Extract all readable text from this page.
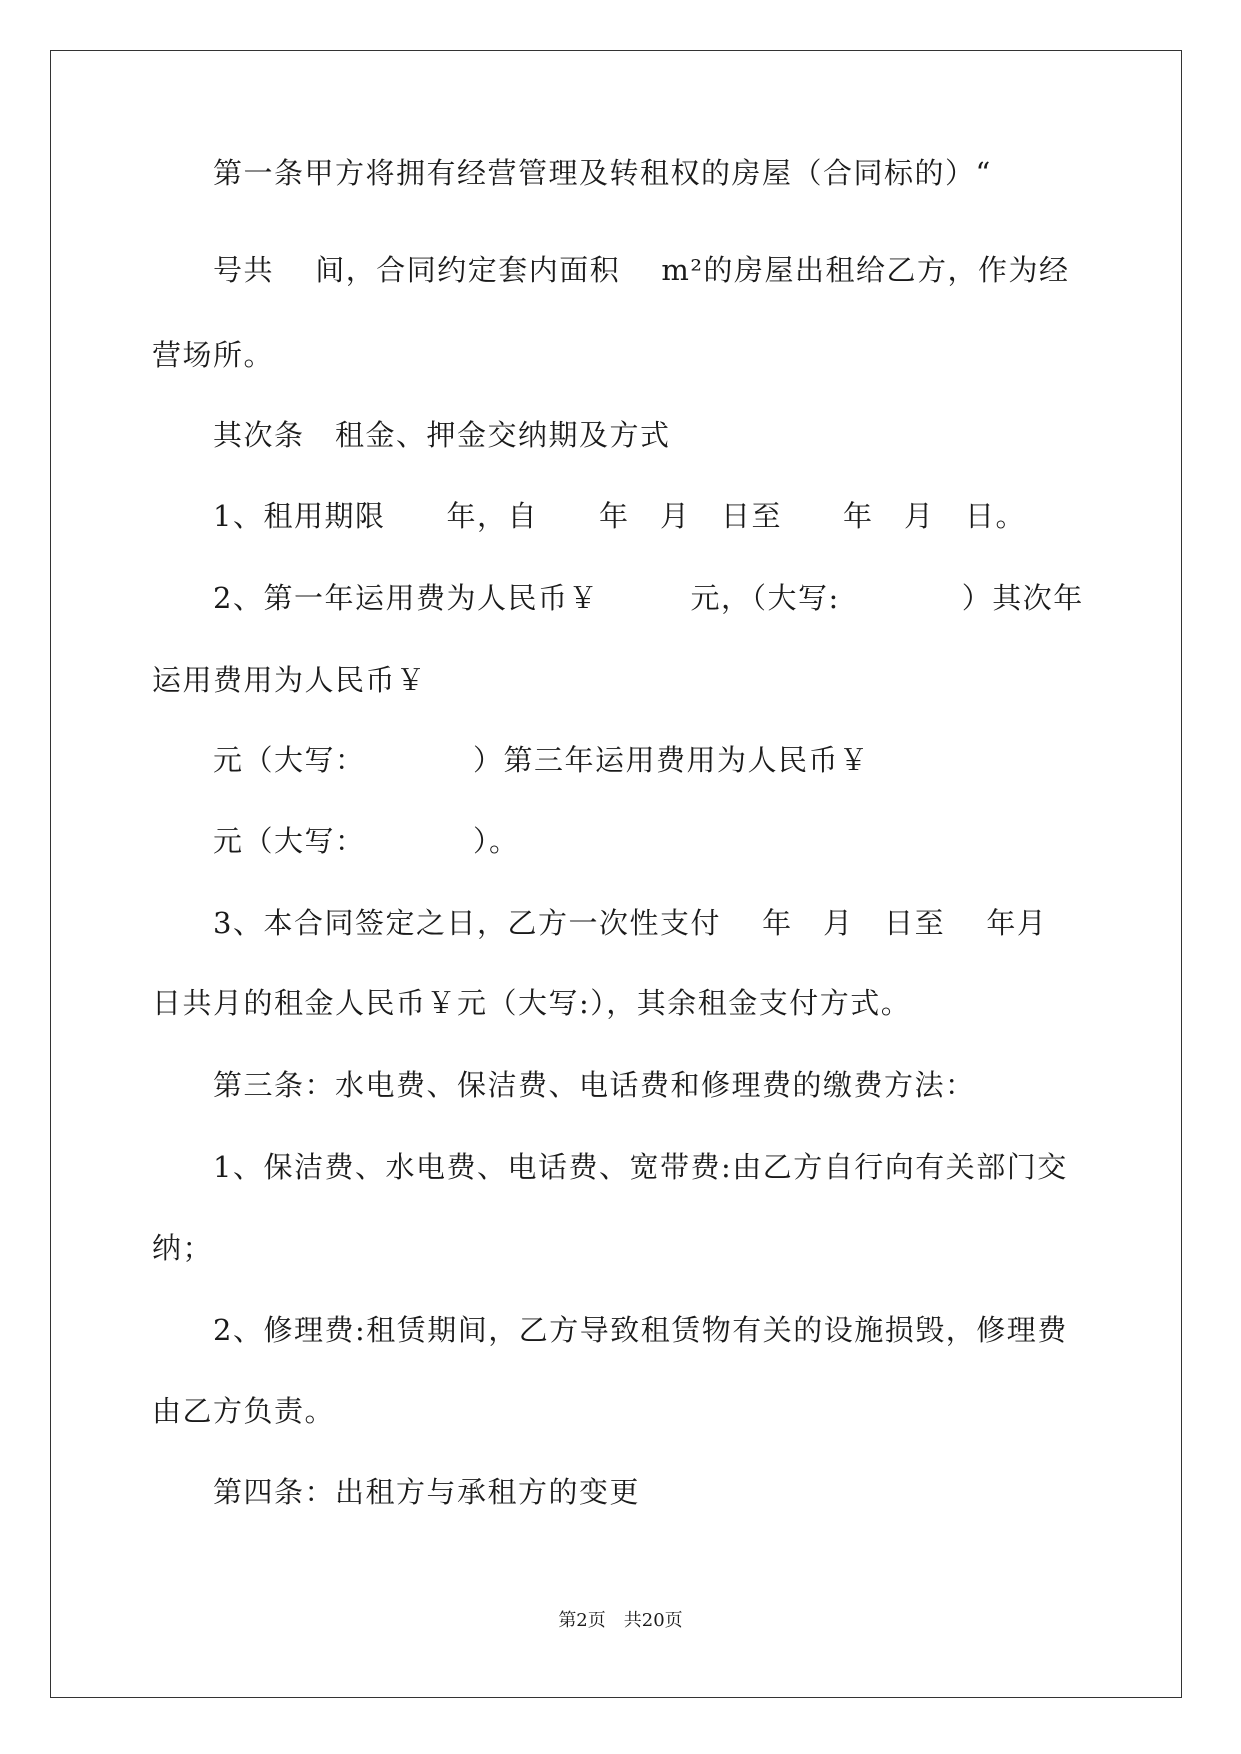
第一条甲方将拥有经营管理及转租权的房屋（合同标的）“
号共　 间，合同约定套内面积　 m²的房屋出租给乙方，作为经
营场所。
其次条　租金、押金交纳期及方式
1、租用期限　　年，自　　年　月　日至　　年　月　日。
2、第一年运用费为人民币￥　　　元，（大写:　　　　）其次年
运用费用为人民币￥
元（大写：　　　　）第三年运用费用为人民币￥
元（大写：　　　　）。
3、本合同签定之日，乙方一次性支付　 年　月　日至　 年月
日共月的租金人民币￥元（大写:），其余租金支付方式。
第三条：水电费、保洁费、电话费和修理费的缴费方法：
1、保洁费、水电费、电话费、宽带费:由乙方自行向有关部门交
纳；
2、修理费:租赁期间，乙方导致租赁物有关的设施损毁，修理费
由乙方负责。
第四条：出租方与承租方的变更
第2页　共20页
